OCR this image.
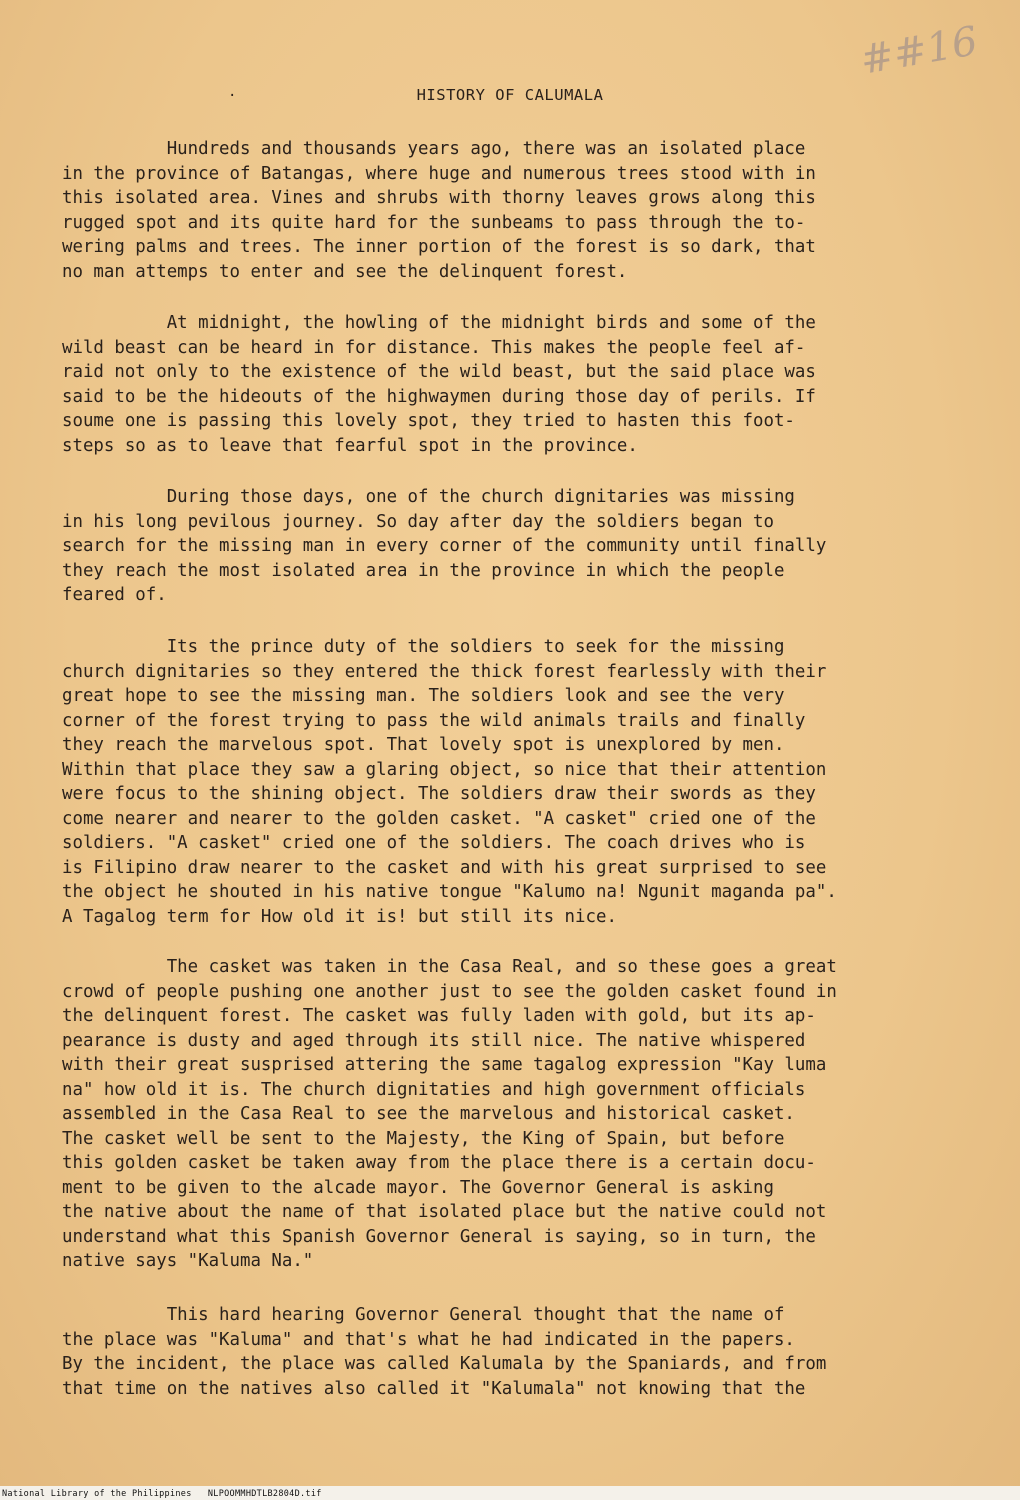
##16
·	HISTORY OF CALUMALA
Hundreds and thousands years ago, there was an isolated place
in the province of Batangas, where huge and numerous trees stood with in
this isolated area. Vines and shrubs with thorny leaves grows along this
rugged spot and its quite hard for the sunbeams to pass through the to-
wering palms and trees. The inner portion of the forest is so dark, that
no man attemps to enter and see the delinquent forest.
At midnight, the howling of the midnight birds and some of the
wild beast can be heard in for distance. This makes the people feel af-
raid not only to the existence of the wild beast, but the said place was
said to be the hideouts of the highwaymen during those day of perils. If
soume one is passing this lovely spot, they tried to hasten this foot-
steps so as to leave that fearful spot in the province.
During those days, one of the church dignitaries was missing
in his long pevilous journey. So day after day the soldiers began to
search for the missing man in every corner of the community until finally
they reach the most isolated area in the province in which the people
feared of.
Its the prince duty of the soldiers to seek for the missing
church dignitaries so they entered the thick forest fearlessly with their
great hope to see the missing man. The soldiers look and see the very
corner of the forest trying to pass the wild animals trails and finally
they reach the marvelous spot. That lovely spot is unexplored by men.
Within that place they saw a glaring object, so nice that their attention
were focus to the shining object. The soldiers draw their swords as they
come nearer and nearer to the golden casket. "A casket" cried one of the
soldiers. "A casket" cried one of the soldiers. The coach drives who is
is Filipino draw nearer to the casket and with his great surprised to see
the object he shouted in his native tongue "Kalumo na! Ngunit maganda pa".
A Tagalog term for How old it is! but still its nice.
The casket was taken in the Casa Real, and so these goes a great
crowd of people pushing one another just to see the golden casket found in
the delinquent forest. The casket was fully laden with gold, but its ap-
pearance is dusty and aged through its still nice. The native whispered
with their great susprised attering the same tagalog expression "Kay luma
na" how old it is. The church dignitaties and high government officials
assembled in the Casa Real to see the marvelous and historical casket.
The casket well be sent to the Majesty, the King of Spain, but before
this golden casket be taken away from the place there is a certain docu-
ment to be given to the alcade mayor. The Governor General is asking
the native about the name of that isolated place but the native could not
understand what this Spanish Governor General is saying, so in turn, the
native says "Kaluma Na."
This hard hearing Governor General thought that the name of
the place was "Kaluma" and that's what he had indicated in the papers.
By the incident, the place was called Kalumala by the Spaniards, and from
that time on the natives also called it "Kalumala" not knowing that the
National Library of the Philippines NLPOOMMHDTLB2804D.tif
